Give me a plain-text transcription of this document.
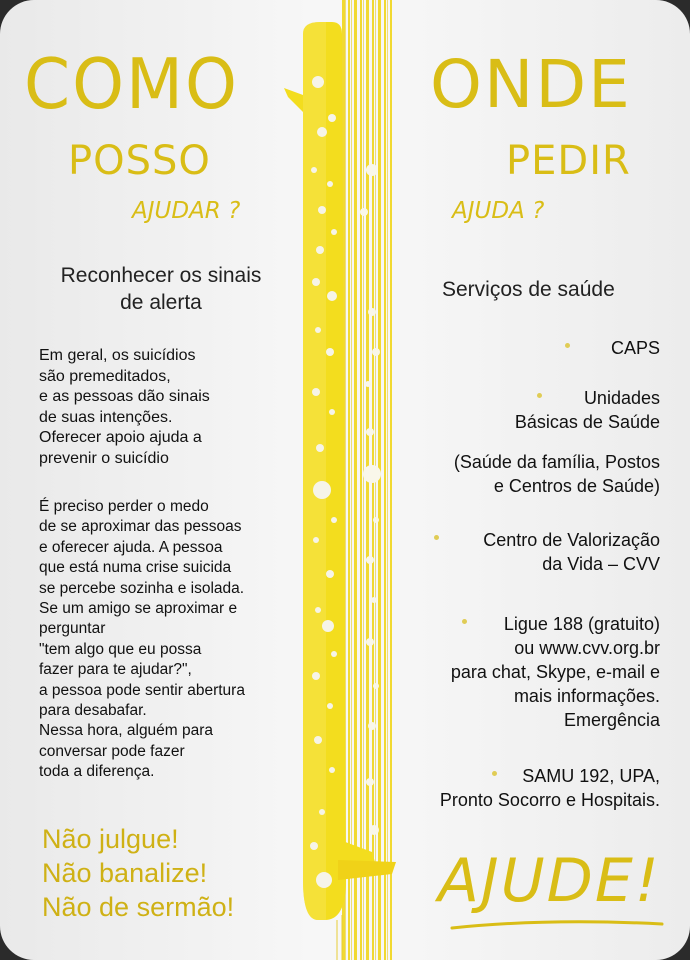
COMO
POSSO
AJUDAR ?
ONDE
PEDIR
AJUDA ?
Reconhecer os sinais de alerta
Serviços de saúde
Em geral, os suicídios
são premeditados,
e as pessoas dão sinais
de suas intenções.
Oferecer apoio ajuda a
prevenir o suicídio
É preciso perder o medo
de se aproximar das pessoas
e oferecer ajuda. A pessoa
que está numa crise suicida
se percebe sozinha e isolada.
Se um amigo se aproximar e
perguntar
"tem algo que eu possa
fazer para te ajudar?",
a pessoa pode sentir abertura
para desabafar.
Nessa hora, alguém para
conversar pode fazer
toda a diferença.
Não julgue!
Não banalize!
Não de sermão!
CAPS
Unidades
Básicas de Saúde
(Saúde da família, Postos
e Centros de Saúde)
Centro de Valorização
da Vida – CVV
Ligue 188 (gratuito)
ou www.cvv.org.br
para chat, Skype, e-mail e
mais informações.
Emergência
SAMU 192, UPA,
Pronto Socorro e Hospitais.
AJUDE!
